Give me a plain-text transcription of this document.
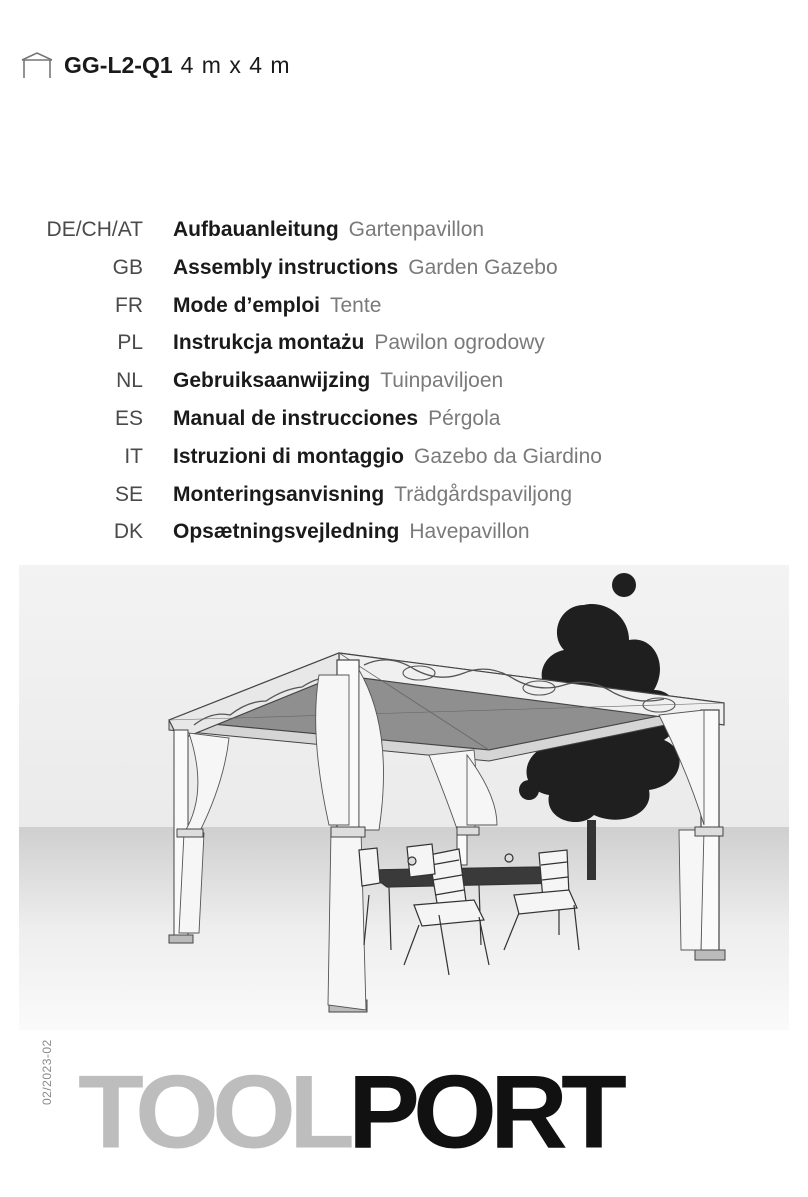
GG-L2-Q1 4 m x 4 m
DE/CH/AT Aufbauanleitung Gartenpavillon
GB Assembly instructions Garden Gazebo
FR Mode d’emploi Tente
PL Instrukcja montażu Pawilon ogrodowy
NL Gebruiksaanwijzing Tuinpaviljoen
ES Manual de instrucciones Pérgola
IT Istruzioni di montaggio Gazebo da Giardino
SE Monteringsanvisning Trädgårdspaviljong
DK Opsætningsvejledning Havepavillon
02/2023-02 TOOLPORT
